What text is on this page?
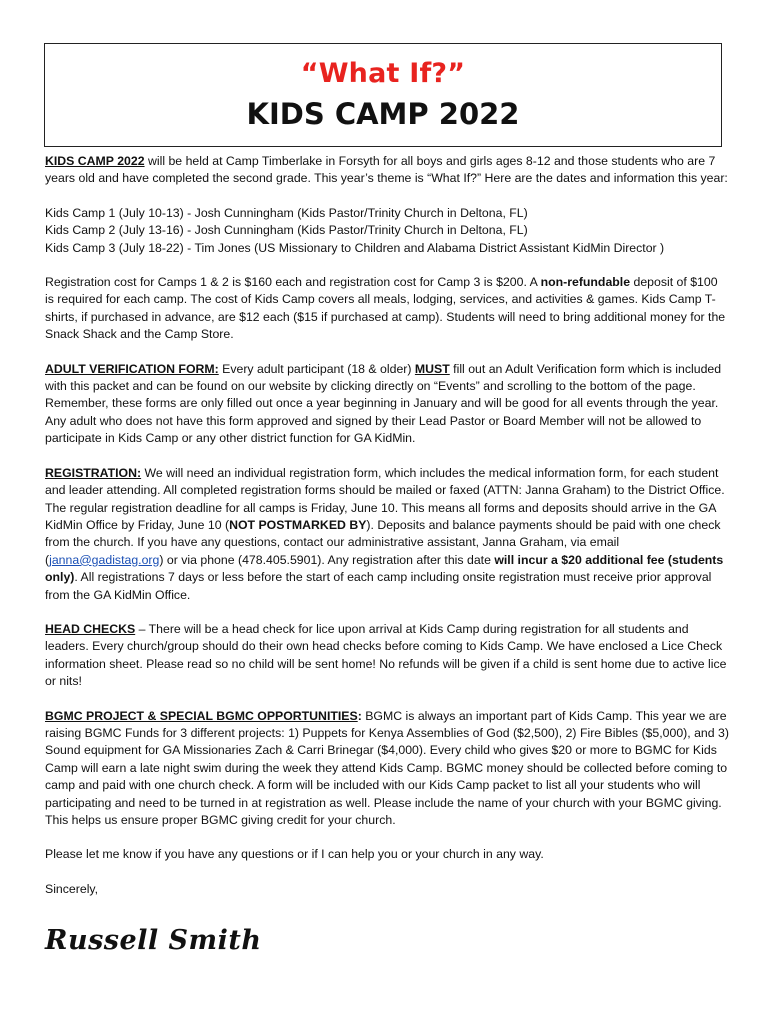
“What If?”
KIDS CAMP 2022

KIDS CAMP 2022 will be held at Camp Timberlake in Forsyth for all boys and girls ages 8-12 and those students who are 7 years old and have completed the second grade. This year’s theme is “What If?” Here are the dates and information this year:

Kids Camp 1 (July 10-13) - Josh Cunningham (Kids Pastor/Trinity Church in Deltona, FL)
Kids Camp 2 (July 13-16) - Josh Cunningham (Kids Pastor/Trinity Church in Deltona, FL)
Kids Camp 3 (July 18-22) - Tim Jones (US Missionary to Children and Alabama District Assistant KidMin Director )

Registration cost for Camps 1 & 2 is $160 each and registration cost for Camp 3 is $200. A non-refundable deposit of $100 is required for each camp. The cost of Kids Camp covers all meals, lodging, services, and activities & games. Kids Camp T-shirts, if purchased in advance, are $12 each ($15 if purchased at camp). Students will need to bring additional money for the Snack Shack and the Camp Store.

ADULT VERIFICATION FORM: Every adult participant (18 & older) MUST fill out an Adult Verification form which is included with this packet and can be found on our website by clicking directly on “Events” and scrolling to the bottom of the page. Remember, these forms are only filled out once a year beginning in January and will be good for all events through the year. Any adult who does not have this form approved and signed by their Lead Pastor or Board Member will not be allowed to participate in Kids Camp or any other district function for GA KidMin.

REGISTRATION: We will need an individual registration form, which includes the medical information form, for each student and leader attending. All completed registration forms should be mailed or faxed (ATTN: Janna Graham) to the District Office. The regular registration deadline for all camps is Friday, June 10. This means all forms and deposits should arrive in the GA KidMin Office by Friday, June 10 (NOT POSTMARKED BY). Deposits and balance payments should be paid with one check from the church. If you have any questions, contact our administrative assistant, Janna Graham, via email (janna@gadistag.org) or via phone (478.405.5901). Any registration after this date will incur a $20 additional fee (students only). All registrations 7 days or less before the start of each camp including onsite registration must receive prior approval from the GA KidMin Office.

HEAD CHECKS – There will be a head check for lice upon arrival at Kids Camp during registration for all students and leaders. Every church/group should do their own head checks before coming to Kids Camp. We have enclosed a Lice Check information sheet. Please read so no child will be sent home! No refunds will be given if a child is sent home due to active lice or nits!

BGMC PROJECT & SPECIAL BGMC OPPORTUNITIES: BGMC is always an important part of Kids Camp. This year we are raising BGMC Funds for 3 different projects: 1) Puppets for Kenya Assemblies of God ($2,500), 2) Fire Bibles ($5,000), and 3) Sound equipment for GA Missionaries Zach & Carri Brinegar ($4,000). Every child who gives $20 or more to BGMC for Kids Camp will earn a late night swim during the week they attend Kids Camp. BGMC money should be collected before coming to camp and paid with one church check. A form will be included with our Kids Camp packet to list all your students who will participating and need to be turned in at registration as well. Please include the name of your church with your BGMC giving. This helps us ensure proper BGMC giving credit for your church.

Please let me know if you have any questions or if I can help you or your church in any way.

Sincerely,

Russell Smith
